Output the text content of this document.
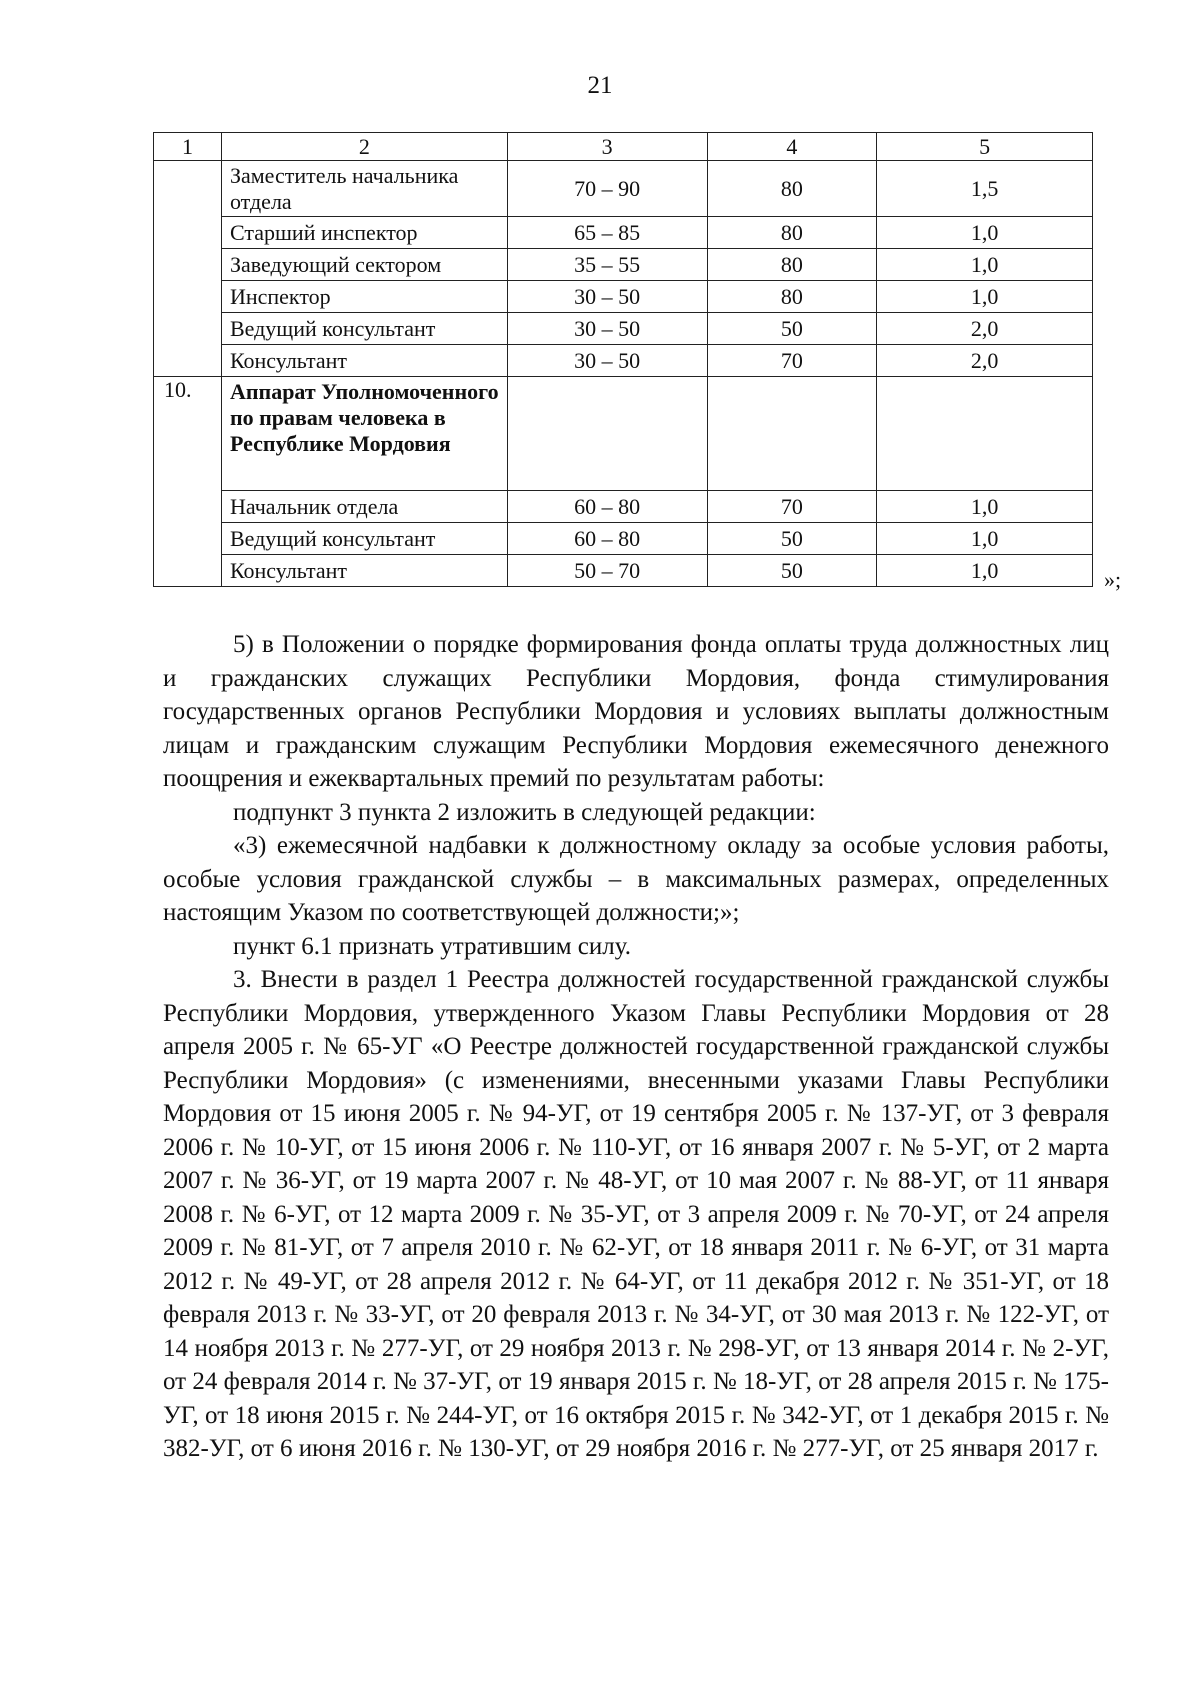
21
1	2	3	4	5
	Заместитель начальника отдела	70 – 90	80	1,5
	Старший инспектор	65 – 85	80	1,0
	Заведующий сектором	35 – 55	80	1,0
	Инспектор	30 – 50	80	1,0
	Ведущий консультант	30 – 50	50	2,0
	Консультант	30 – 50	70	2,0
10.	Аппарат Уполномоченного по правам человека в Республике Мордовия			
	Начальник отдела	60 – 80	70	1,0
	Ведущий консультант	60 – 80	50	1,0
	Консультант	50 – 70	50	1,0	»;

5) в Положении о порядке формирования фонда оплаты труда должностных лиц и гражданских служащих Республики Мордовия, фонда стимулирования государственных органов Республики Мордовия и условиях выплаты должностным лицам и гражданским служащим Республики Мордовия ежемесячного денежного поощрения и ежеквартальных премий по результатам работы:

подпункт 3 пункта 2 изложить в следующей редакции:

«3) ежемесячной надбавки к должностному окладу за особые условия работы, особые условия гражданской службы – в максимальных размерах, определенных настоящим Указом по соответствующей должности;»;

пункт 6.1 признать утратившим силу.

3. Внести в раздел 1 Реестра должностей государственной гражданской службы Республики Мордовия, утвержденного Указом Главы Республики Мордовия от 28 апреля 2005 г. № 65-УГ «О Реестре должностей государственной гражданской службы Республики Мордовия» (с изменениями, внесенными указами Главы Республики Мордовия от 15 июня 2005 г. № 94-УГ, от 19 сентября 2005 г. № 137-УГ, от 3 февраля 2006 г. № 10-УГ, от 15 июня 2006 г. № 110-УГ, от 16 января 2007 г. № 5-УГ, от 2 марта 2007 г. № 36-УГ, от 19 марта 2007 г. № 48-УГ, от 10 мая 2007 г. № 88-УГ, от 11 января 2008 г. № 6-УГ, от 12 марта 2009 г. № 35-УГ, от 3 апреля 2009 г. № 70-УГ, от 24 апреля 2009 г. № 81-УГ, от 7 апреля 2010 г. № 62-УГ, от 18 января 2011 г. № 6-УГ, от 31 марта 2012 г. № 49-УГ, от 28 апреля 2012 г. № 64-УГ, от 11 декабря 2012 г. № 351-УГ, от 18 февраля 2013 г. № 33-УГ, от 20 февраля 2013 г. № 34-УГ, от 30 мая 2013 г. № 122-УГ, от 14 ноября 2013 г. № 277-УГ, от 29 ноября 2013 г. № 298-УГ, от 13 января 2014 г. № 2-УГ, от 24 февраля 2014 г. № 37-УГ, от 19 января 2015 г. № 18-УГ, от 28 апреля 2015 г. № 175-УГ, от 18 июня 2015 г. № 244-УГ, от 16 октября 2015 г. № 342-УГ, от 1 декабря 2015 г. № 382-УГ, от 6 июня 2016 г. № 130-УГ, от 29 ноября 2016 г. № 277-УГ, от 25 января 2017 г.
